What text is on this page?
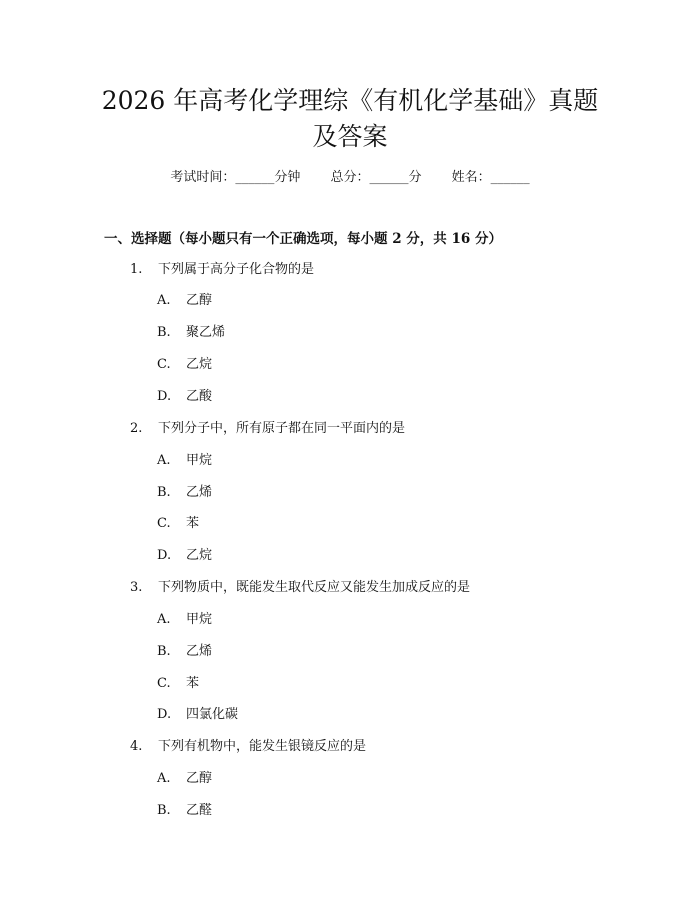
2026 年高考化学理综《有机化学基础》真题
及答案
考试时间：______分钟 总分：______分 姓名：______
一、选择题（每小题只有一个正确选项，每小题 2 分，共 16 分）
1. 下列属于高分子化合物的是
A. 乙醇
B. 聚乙烯
C. 乙烷
D. 乙酸
2. 下列分子中，所有原子都在同一平面内的是
A. 甲烷
B. 乙烯
C. 苯
D. 乙烷
3. 下列物质中，既能发生取代反应又能发生加成反应的是
A. 甲烷
B. 乙烯
C. 苯
D. 四氯化碳
4. 下列有机物中，能发生银镜反应的是
A. 乙醇
B. 乙醛
